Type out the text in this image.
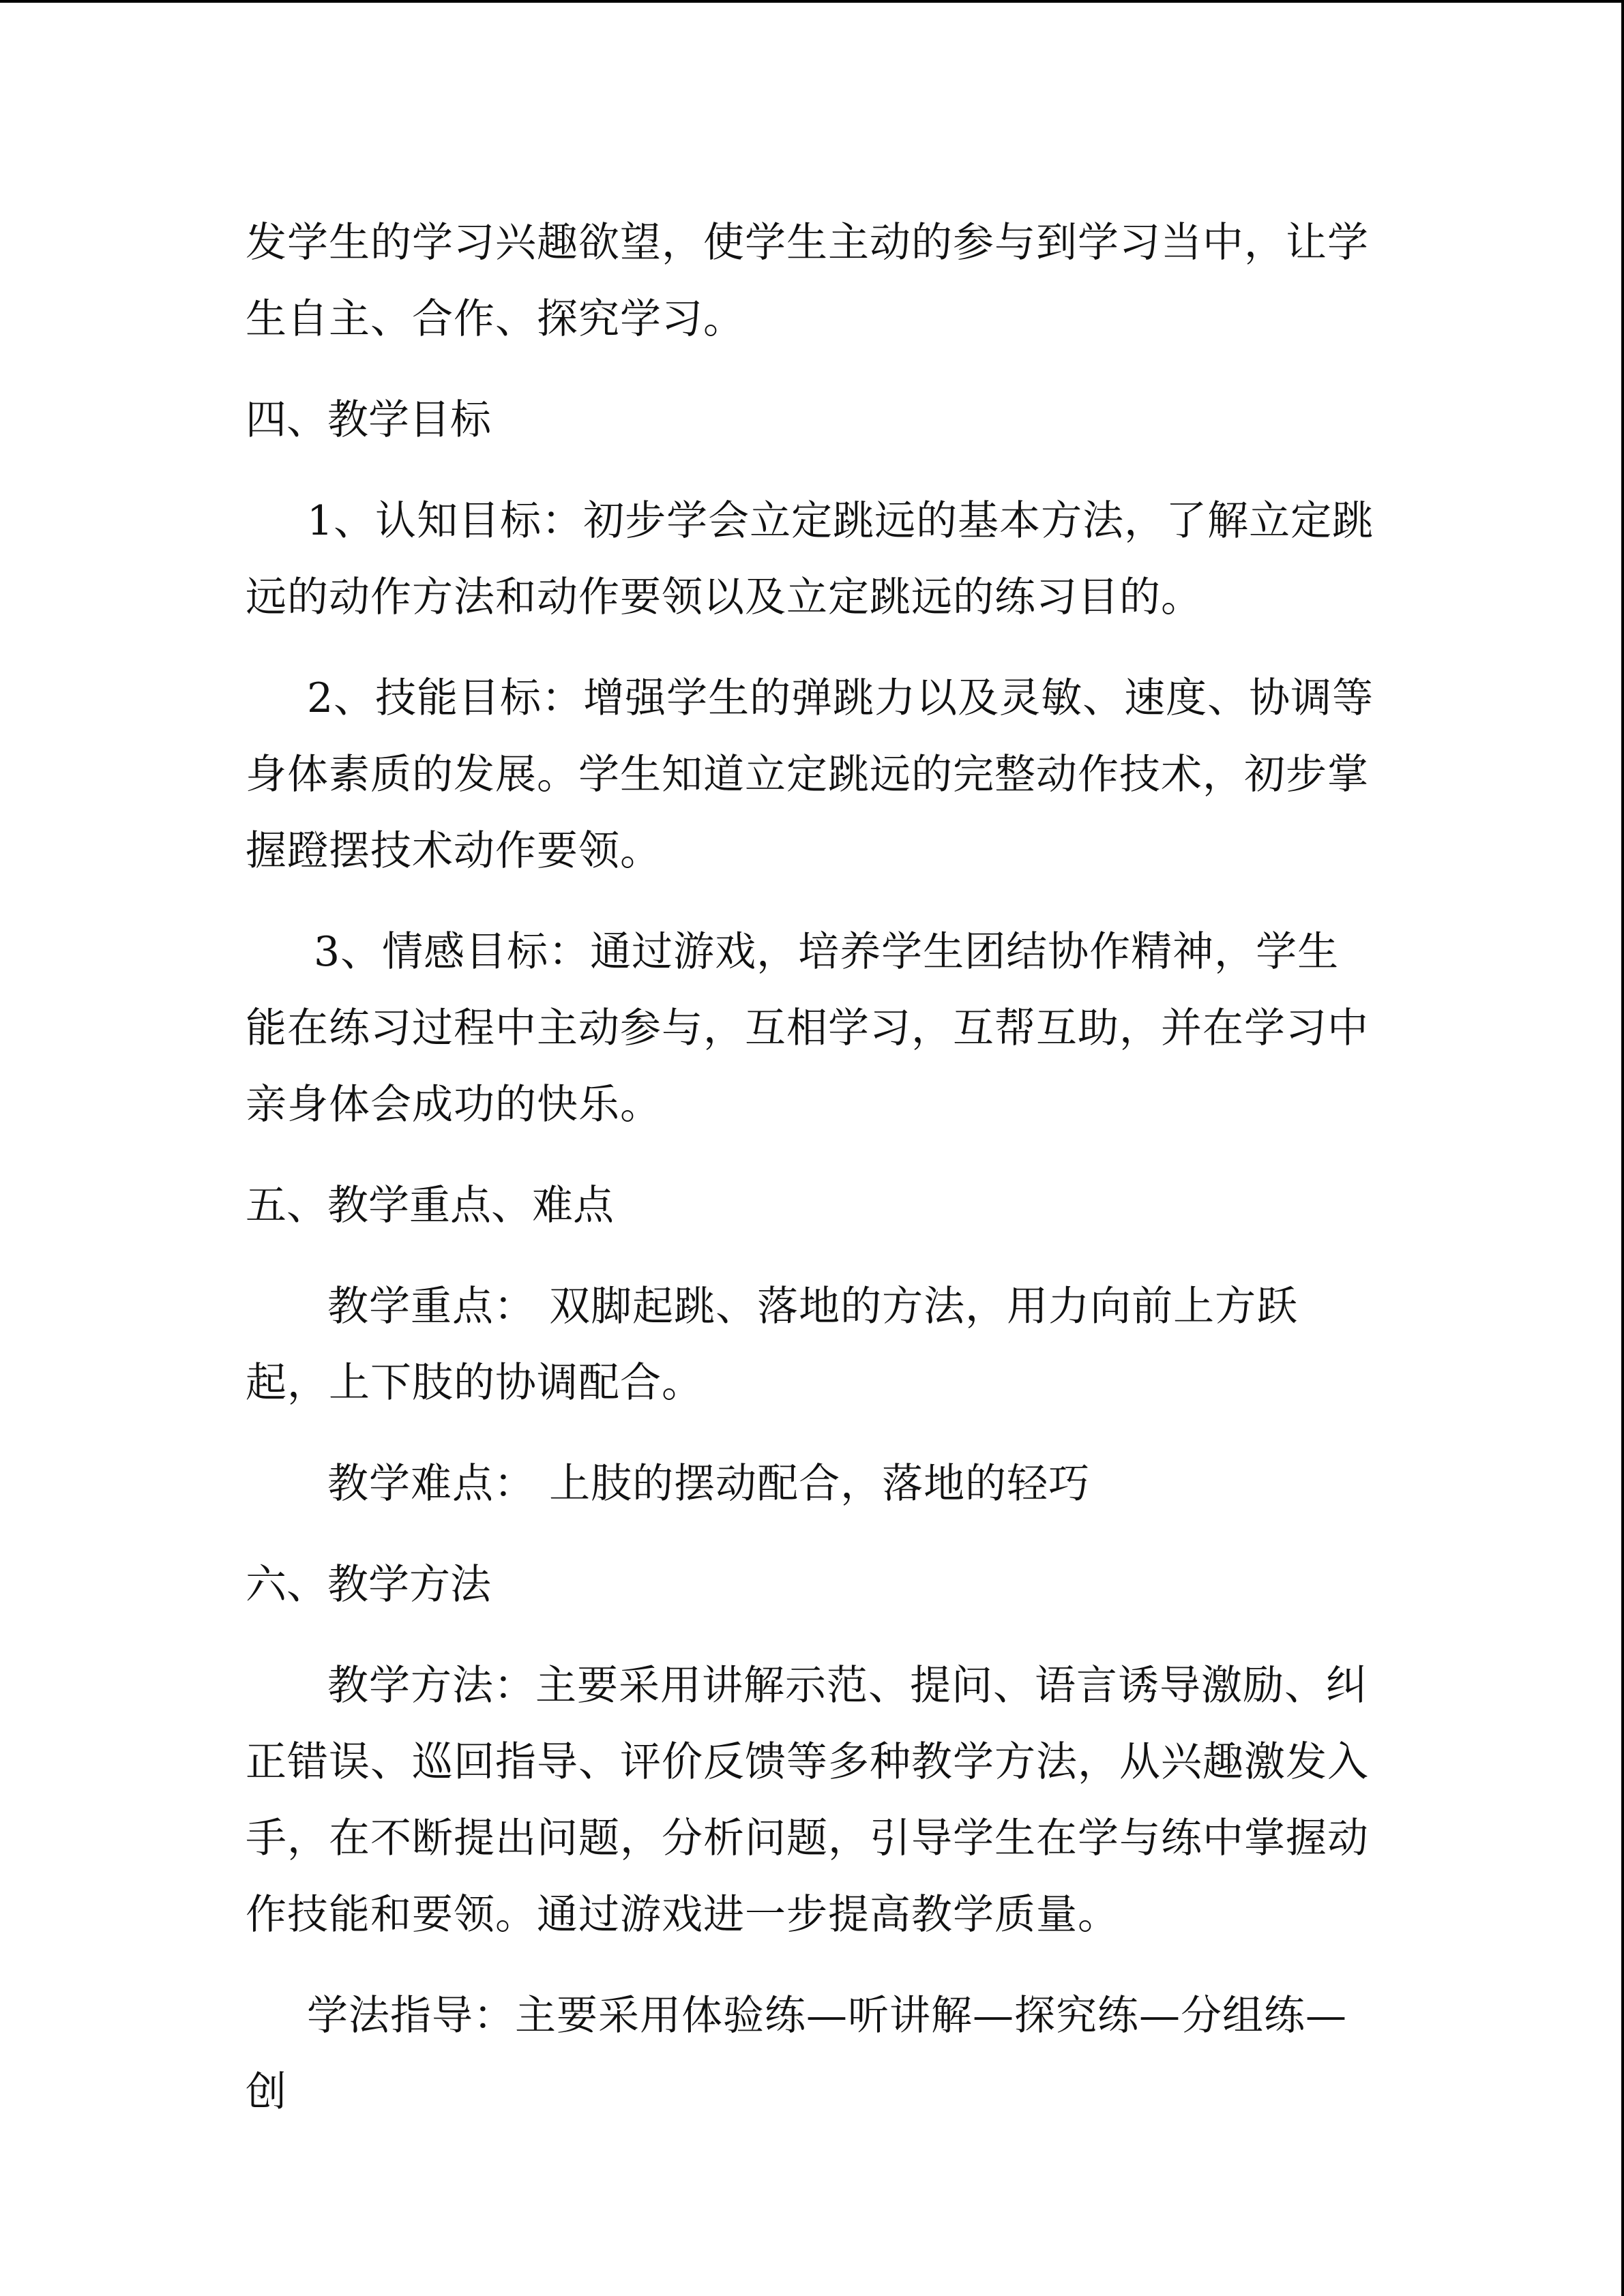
发学生的学习兴趣欲望，使学生主动的参与到学习当中，让学生自主、合作、探究学习。

四、教学目标

1、认知目标：初步学会立定跳远的基本方法，了解立定跳远的动作方法和动作要领以及立定跳远的练习目的。

2、技能目标：增强学生的弹跳力以及灵敏、速度、协调等身体素质的发展。学生知道立定跳远的完整动作技术，初步掌握蹬摆技术动作要领。

3、情感目标：通过游戏，培养学生团结协作精神，学生能在练习过程中主动参与，互相学习，互帮互助，并在学习中亲身体会成功的快乐。

五、教学重点、难点

教学重点： 双脚起跳、落地的方法，用力向前上方跃起，上下肢的协调配合。

教学难点： 上肢的摆动配合，落地的轻巧

六、教学方法

教学方法：主要采用讲解示范、提问、语言诱导激励、纠正错误、巡回指导、评价反馈等多种教学方法，从兴趣激发入手，在不断提出问题，分析问题，引导学生在学与练中掌握动作技能和要领。通过游戏进一步提高教学质量。

学法指导：主要采用体验练—听讲解—探究练—分组练—创
